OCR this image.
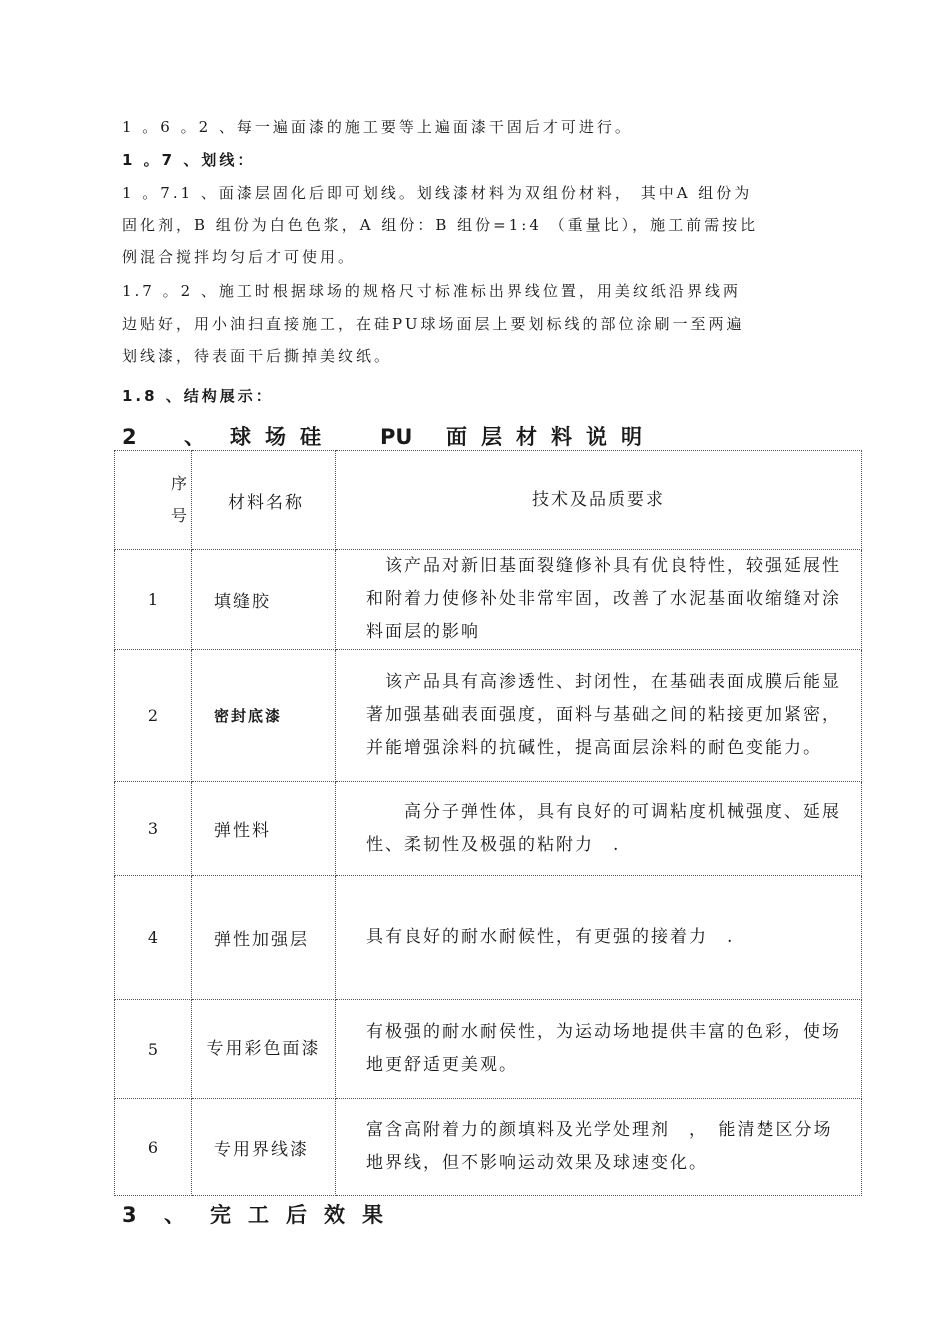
1 。6 。2 、每一遍面漆的施工要等上遍面漆干固后才可进行。
1 。7 、划线：
1 。7.1 、面漆层固化后即可划线。划线漆材料为双组份材料， 其中A 组份为
固化剂，B 组份为白色色浆，A 组份：B 组份=1:4 （重量比），施工前需按比
例混合搅拌均匀后才可使用。
1.7 。2 、施工时根据球场的规格尺寸标准标出界线位置，用美纹纸沿界线两
边贴好，用小油扫直接施工，在硅PU球场面层上要划标线的部位涂刷一至两遍
划线漆，待表面干后撕掉美纹纸。
1.8 、结构展示：
2 、 球场硅 PU 面层材料说明
序
号	材料名称	技术及品质要求
1	填缝胶	　该产品对新旧基面裂缝修补具有优良特性，较强延展性和附着力使修补处非常牢固，改善了水泥基面收缩缝对涂料面层的影响

2	密封底漆	　该产品具有高渗透性、封闭性，在基础表面成膜后能显著加强基础表面强度，面料与基础之间的粘接更加紧密，并能增强涂料的抗碱性，提高面层涂料的耐色变能力。

3	弹性料	　　高分子弹性体，具有良好的可调粘度机械强度、延展性、柔韧性及极强的粘附力　.

4	弹性加强层	具有良好的耐水耐候性，有更强的接着力　.

5	专用彩色面漆	有极强的耐水耐侯性，为运动场地提供丰富的色彩，使场地更舒适更美观。

6	专用界线漆	富含高附着力的颜填料及光学处理剂　，　能清楚区分场地界线，但不影响运动效果及球速变化。
3 、 完工后效果
